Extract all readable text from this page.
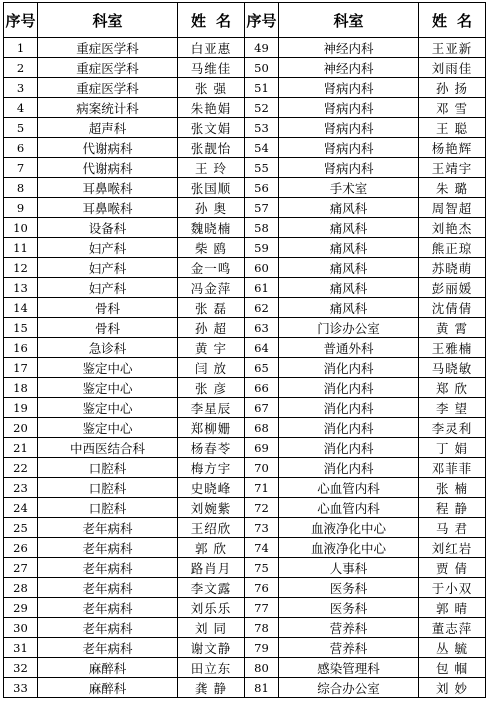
序号	科室	姓名	序号	科室	姓名
1	重症医学科	白亚惠	49	神经内科	王亚新
2	重症医学科	马维佳	50	神经内科	刘雨佳
3	重症医学科	张 强	51	肾病内科	孙 扬
4	病案统计科	朱艳娟	52	肾病内科	邓 雪
5	超声科	张文娟	53	肾病内科	王 聪
6	代谢病科	张靓怡	54	肾病内科	杨艳辉
7	代谢病科	王 玲	55	肾病内科	王靖宇
8	耳鼻喉科	张国顺	56	手术室	朱 璐
9	耳鼻喉科	孙 奥	57	痛风科	周智超
10	设备科	魏晓楠	58	痛风科	刘艳杰
11	妇产科	柴 鸥	59	痛风科	熊正琼
12	妇产科	金一鸣	60	痛风科	苏晓萌
13	妇产科	冯金萍	61	痛风科	彭丽媛
14	骨科	张 磊	62	痛风科	沈倩倩
15	骨科	孙 超	63	门诊办公室	黄 霄
16	急诊科	黄 宇	64	普通外科	王雅楠
17	鉴定中心	闫 放	65	消化内科	马晓敏
18	鉴定中心	张 彦	66	消化内科	郑 欣
19	鉴定中心	李星辰	67	消化内科	李 望
20	鉴定中心	郑柳姗	68	消化内科	李灵利
21	中西医结合科	杨春苓	69	消化内科	丁 娟
22	口腔科	梅方宇	70	消化内科	邓菲菲
23	口腔科	史晓峰	71	心血管内科	张 楠
24	口腔科	刘婉紫	72	心血管内科	程 静
25	老年病科	王绍欣	73	血液净化中心	马 君
26	老年病科	郭 欣	74	血液净化中心	刘红岩
27	老年病科	路肖月	75	人事科	贾 倩
28	老年病科	李文露	76	医务科	于小双
29	老年病科	刘乐乐	77	医务科	郭 晴
30	老年病科	刘 同	78	营养科	董志萍
31	老年病科	谢文静	79	营养科	丛 毓
32	麻醉科	田立东	80	感染管理科	包 帼
33	麻醉科	龚 静	81	综合办公室	刘 妙
